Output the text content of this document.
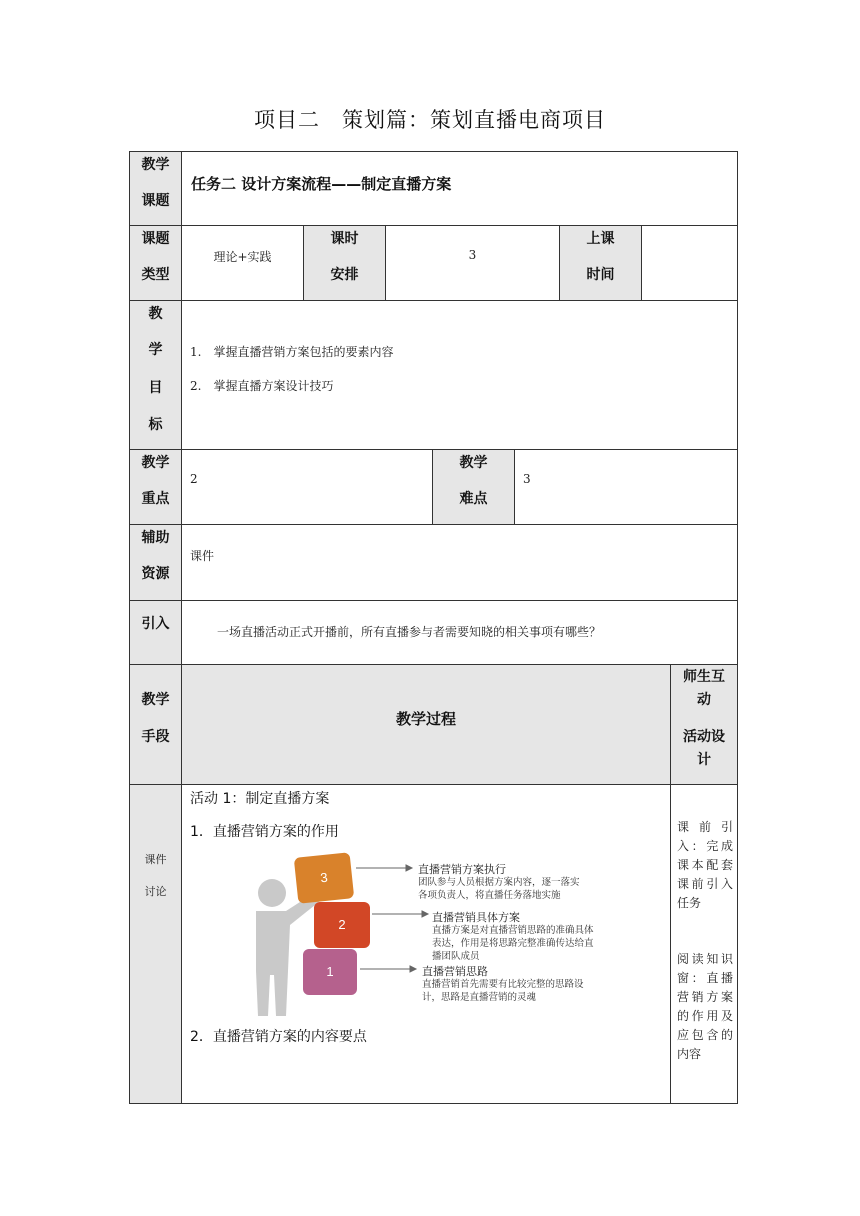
项目二 策划篇：策划直播电商项目
教学
课题
任务二 设计方案流程——制定直播方案
课题
类型
理论+实践
课时
安排
3
上课
时间
教
学
目
标
1.　掌握直播营销方案包括的要素内容
2.　掌握直播方案设计技巧
教学
重点
2
教学
难点
3
辅助
资源
课件
引入	一场直播活动正式开播前，所有直播参与者需要知晓的相关事项有哪些？
教学
手段
教学过程
师生互
动
活动设
计
课件
讨论
活动 1：制定直播方案
1．直播营销方案的作用
3
2
1
直播营销方案执行
团队参与人员根据方案内容，逐一落实
各项负责人，将直播任务落地实施
直播营销具体方案
直播方案是对直播营销思路的准确具体
表达，作用是将思路完整准确传达给直
播团队成员
直播营销思路
直播营销首先需要有比较完整的思路设
计，思路是直播营销的灵魂
2．直播营销方案的内容要点
课前引入：完成课本配套课前引入任务
阅读知识窗：直播营销方案的作用及应包含的内容
